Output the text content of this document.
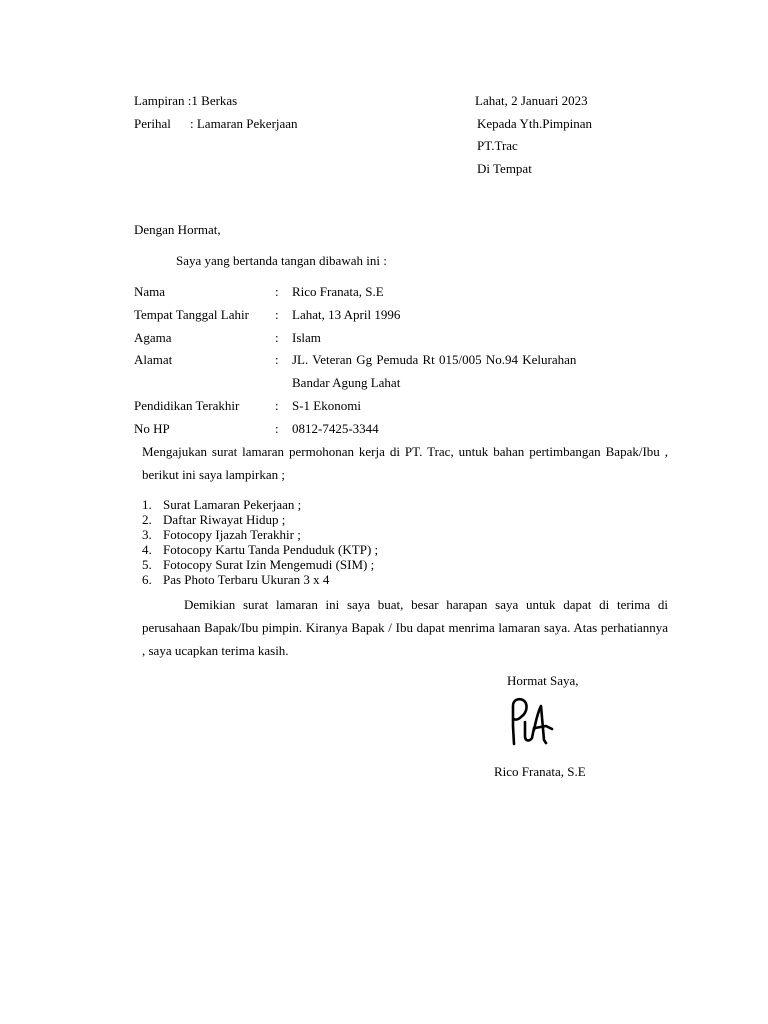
Lampiran :1 Berkas
Perihal : Lamaran Pekerjaan
Lahat, 2 Januari 2023
Kepada Yth.Pimpinan
PT.Trac
Di Tempat
Dengan Hormat,
Saya yang bertanda tangan dibawah ini :
Nama	: Rico Franata, S.E
Tempat Tanggal Lahir : Lahat, 13 April 1996
Agama	: Islam
Alamat	: JL. Veteran Gg Pemuda Rt 015/005 No.94 Kelurahan
Bandar Agung Lahat
Pendidikan Terakhir	: S-1 Ekonomi
No HP	: 0812-7425-3344
Mengajukan surat lamaran permohonan kerja di PT. Trac, untuk bahan pertimbangan Bapak/Ibu , berikut ini saya lampirkan ;
1. Surat Lamaran Pekerjaan ;
2. Daftar Riwayat Hidup ;
3. Fotocopy Ijazah Terakhir ;
4. Fotocopy Kartu Tanda Penduduk (KTP) ;
5. Fotocopy Surat Izin Mengemudi (SIM) ;
6. Pas Photo Terbaru Ukuran 3 x 4
Demikian surat lamaran ini saya buat, besar harapan saya untuk dapat di terima di perusahaan Bapak/Ibu pimpin. Kiranya Bapak / Ibu dapat menrima lamaran saya. Atas perhatiannya , saya ucapkan terima kasih.
Hormat Saya,
Rico Franata, S.E
